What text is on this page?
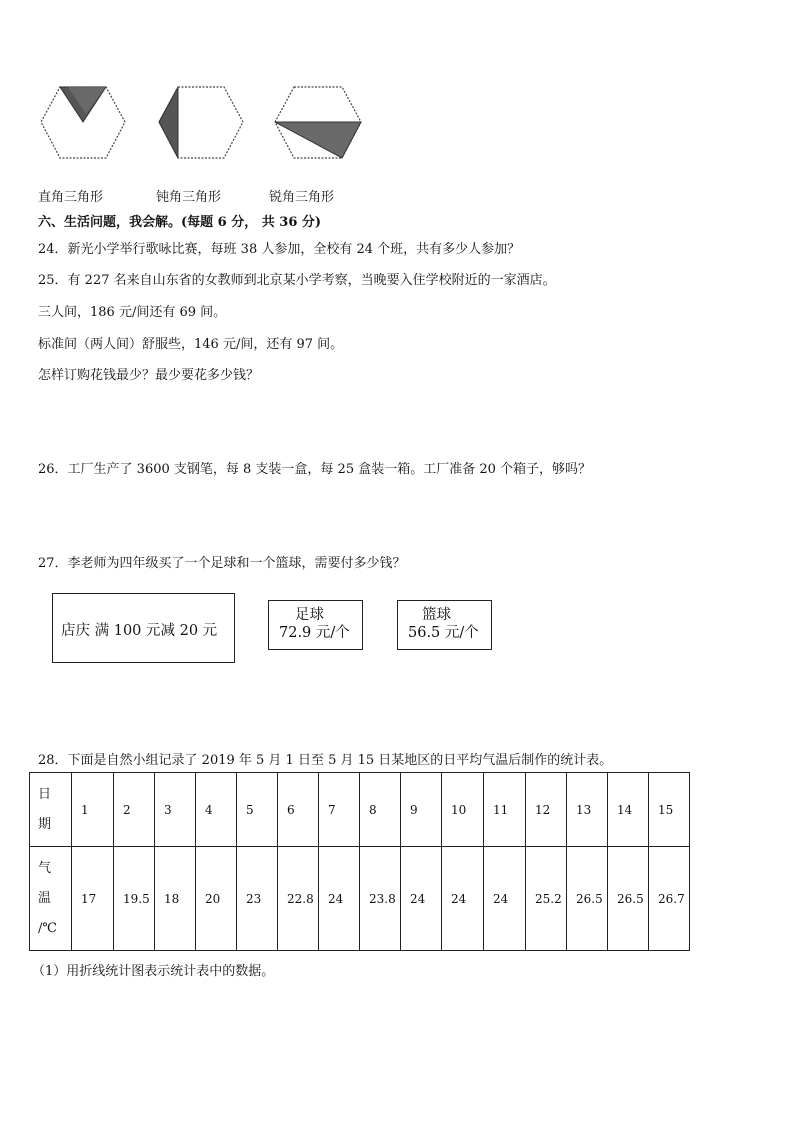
直角三角形	钝角三角形	锐角三角形
六、生活问题，我会解。(每题 6 分， 共 36 分)
24．新光小学举行歌咏比赛，每班 38 人参加，全校有 24 个班，共有多少人参加？
25．有 227 名来自山东省的女教师到北京某小学考察，当晚要入住学校附近的一家酒店。
三人间，186 元/间还有 69 间。
标准间（两人间）舒服些，146 元/间，还有 97 间。
怎样订购花钱最少？最少要花多少钱？
26．工厂生产了 3600 支钢笔，每 8 支装一盒，每 25 盒装一箱。工厂准备 20 个箱子，够吗？
27．李老师为四年级买了一个足球和一个篮球，需要付多少钱？
店庆 满 100 元减 20 元
足球
72.9 元/个
篮球
56.5 元/个
28．下面是自然小组记录了 2019 年 5 月 1 日至 5 月 15 日某地区的日平均气温后制作的统计表。
日
期	1	2	3	4	5	6	7	8	9	10	11	12	13	14	15

气
温
/℃	17	19.5	18	20	23	22.8	24	23.8	24	24	24	25.2	26.5	26.5	26.7
（1）用折线统计图表示统计表中的数据。
